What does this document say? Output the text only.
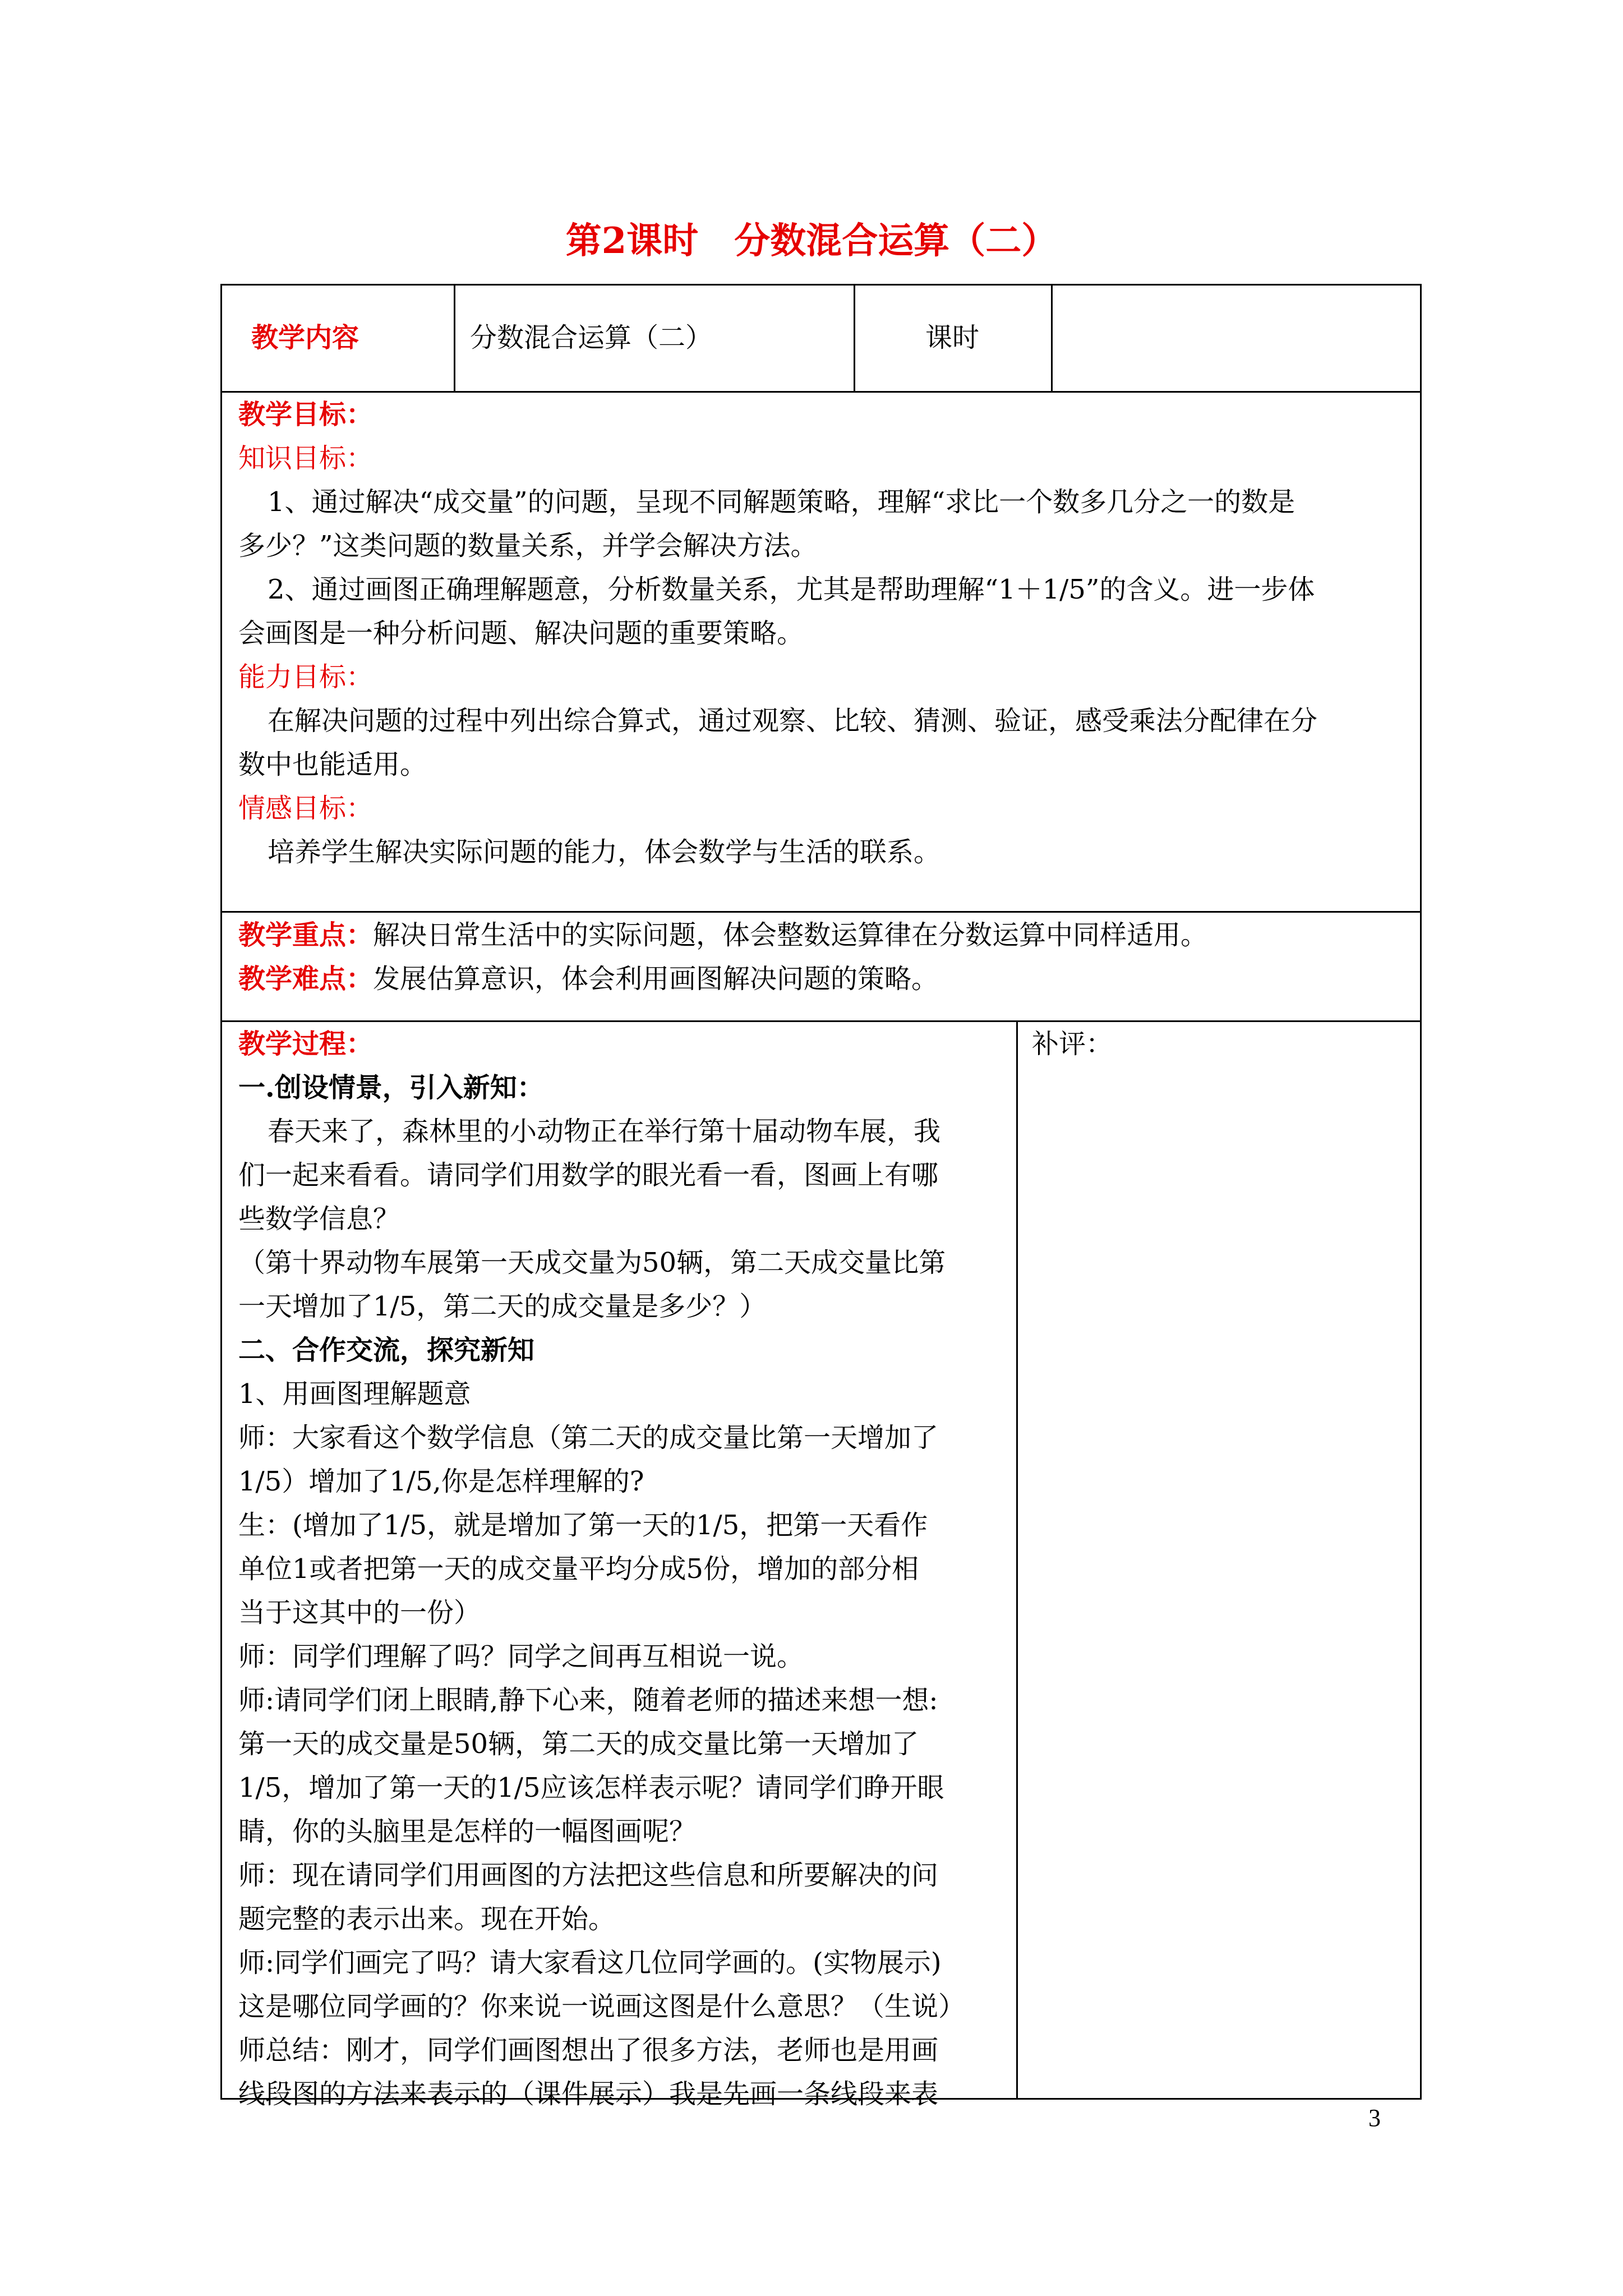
第2课时　分数混合运算（二）
教学内容	分数混合运算（二）	课时

教学目标：

知识目标：

1、通过解决“成交量”的问题，呈现不同解题策略，理解“求比一个数多几分之一的数是

多少？”这类问题的数量关系，并学会解决方法。

2、通过画图正确理解题意，分析数量关系，尤其是帮助理解“1＋1/5”的含义。进一步体

会画图是一种分析问题、解决问题的重要策略。

能力目标：

在解决问题的过程中列出综合算式，通过观察、比较、猜测、验证，感受乘法分配律在分

数中也能适用。

情感目标：

培养学生解决实际问题的能力，体会数学与生活的联系。

教学重点：解决日常生活中的实际问题，体会整数运算律在分数运算中同样适用。

教学难点：发展估算意识，体会利用画图解决问题的策略。

教学过程：

一.创设情景，引入新知：

春天来了，森林里的小动物正在举行第十届动物车展，我

们一起来看看。请同学们用数学的眼光看一看，图画上有哪

些数学信息？

（第十界动物车展第一天成交量为50辆，第二天成交量比第

一天增加了1/5，第二天的成交量是多少？）

二、合作交流，探究新知

1、用画图理解题意

师：大家看这个数学信息（第二天的成交量比第一天增加了

1/5）增加了1/5,你是怎样理解的?

生：(增加了1/5，就是增加了第一天的1/5，把第一天看作

单位1或者把第一天的成交量平均分成5份，增加的部分相

当于这其中的一份）

师：同学们理解了吗？同学之间再互相说一说。

师:请同学们闭上眼睛,静下心来，随着老师的描述来想一想:

第一天的成交量是50辆，第二天的成交量比第一天增加了

1/5，增加了第一天的1/5应该怎样表示呢？请同学们睁开眼

睛，你的头脑里是怎样的一幅图画呢？

师：现在请同学们用画图的方法把这些信息和所要解决的问

题完整的表示出来。现在开始。

师:同学们画完了吗？请大家看这几位同学画的。(实物展示)

这是哪位同学画的？你来说一说画这图是什么意思？（生说）

师总结：刚才，同学们画图想出了很多方法，老师也是用画

线段图的方法来表示的（课件展示）我是先画一条线段来表

补评：

3
